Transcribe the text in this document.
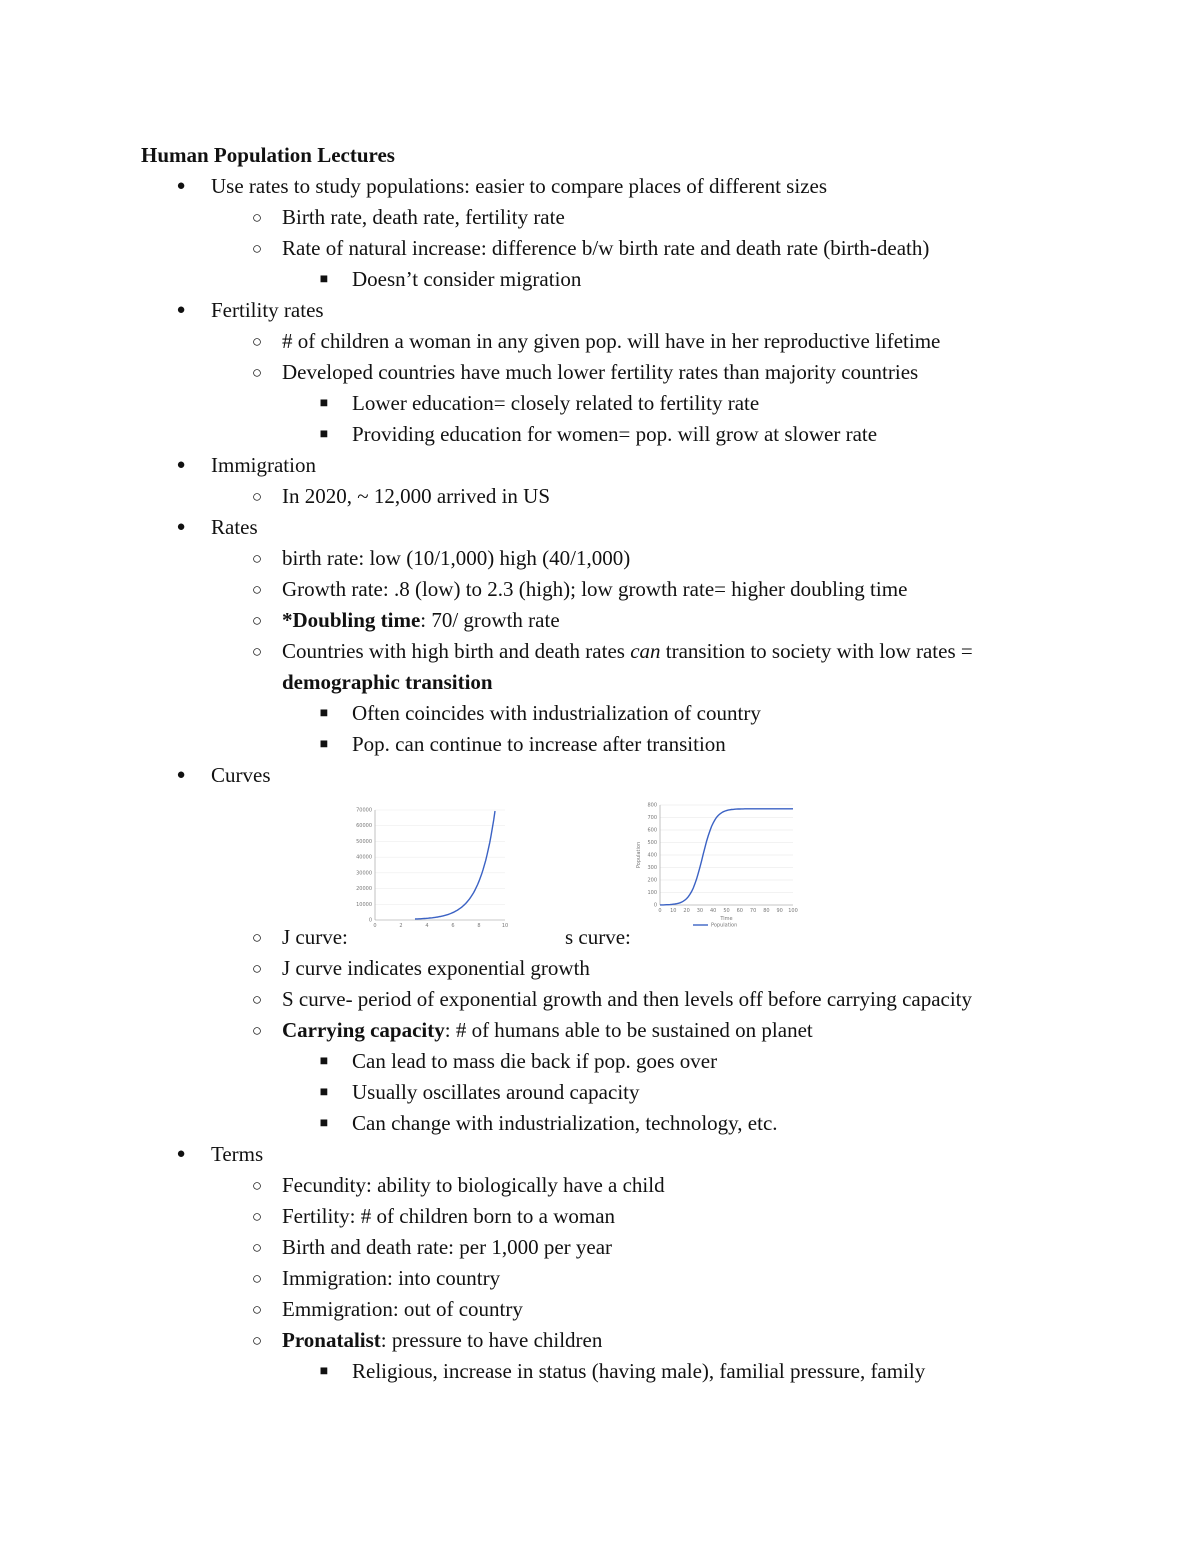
Human Population Lectures
● Use rates to study populations: easier to compare places of different sizes
○ Birth rate, death rate, fertility rate
○ Rate of natural increase: difference b/w birth rate and death rate (birth-death)
■ Doesn’t consider migration
● Fertility rates
○ # of children a woman in any given pop. will have in her reproductive lifetime
○ Developed countries have much lower fertility rates than majority countries
■ Lower education= closely related to fertility rate
■ Providing education for women= pop. will grow at slower rate
● Immigration
○ In 2020, ~ 12,000 arrived in US
● Rates
○ birth rate: low (10/1,000) high (40/1,000)
○ Growth rate: .8 (low) to 2.3 (high); low growth rate= higher doubling time
○ *Doubling time: 70/ growth rate
○ Countries with high birth and death rates can transition to society with low rates =
demographic transition
■ Often coincides with industrialization of country
■ Pop. can continue to increase after transition
● Curves
0
10000
20000
30000
40000
50000
60000
70000
0	2	4	6	8	10
0
100
200
300
400
500
600
700
800
0 10 20 30 40 50 60 70 80 90 100
Time
Population
Population
○ J curve:	s curve:
○ J curve indicates exponential growth
○ S curve- period of exponential growth and then levels off before carrying capacity
○ Carrying capacity: # of humans able to be sustained on planet
■ Can lead to mass die back if pop. goes over
■ Usually oscillates around capacity
■ Can change with industrialization, technology, etc.
● Terms
○ Fecundity: ability to biologically have a child
○ Fertility: # of children born to a woman
○ Birth and death rate: per 1,000 per year
○ Immigration: into country
○ Emmigration: out of country
○ Pronatalist: pressure to have children
■ Religious, increase in status (having male), familial pressure, family
